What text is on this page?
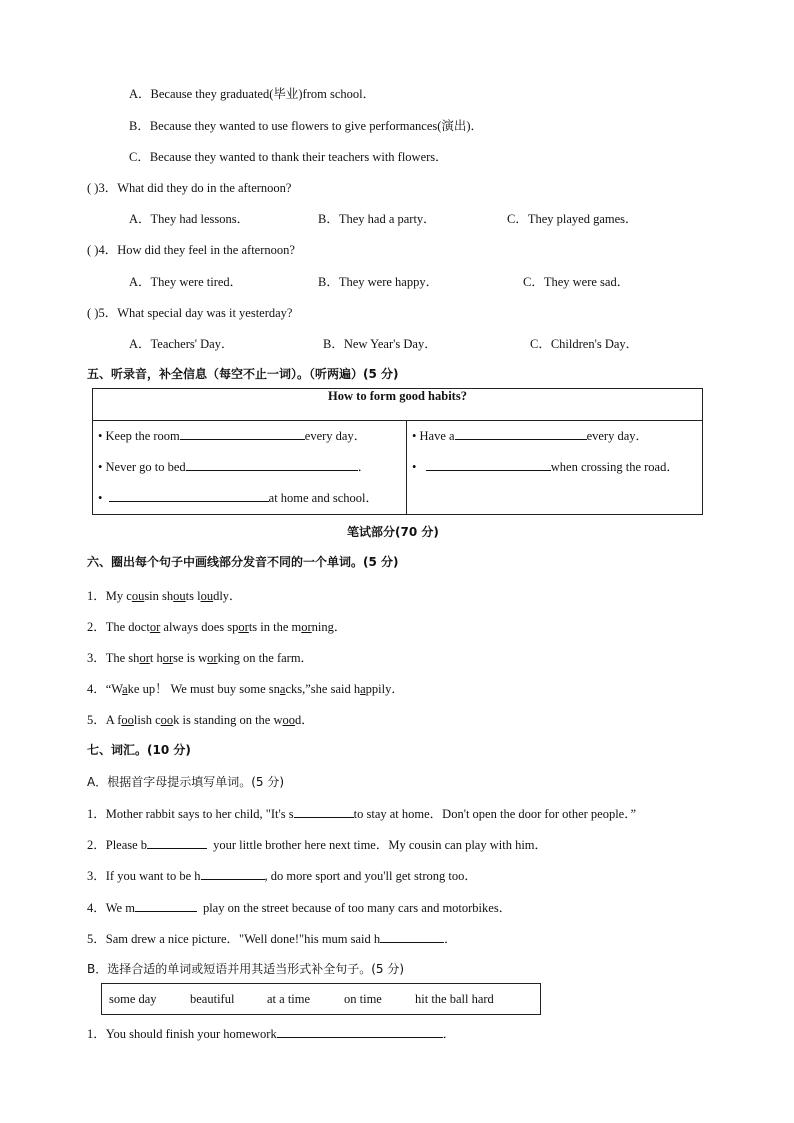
A．Because they graduated(毕业)from school．
B．Because they wanted to use flowers to give performances(演出)．
C．Because they wanted to thank their teachers with flowers．
( )3．What did they do in the afternoon?
A．They had lessons．	B．They had a party．	C．They played games．
( )4．How did they feel in the afternoon?
A．They were tired．	B．They were happy．	C．They were sad．
( )5．What special day was it yesterday?
A．Teachers' Day．	B．New Year's Day．	C．Children's Day．
五、听录音，补全信息（每空不止一词）。（听两遍）(5 分)
How to form good habits?

• Keep the room	every day．
• Never go to bed	．
•	at home and school．

• Have a	every day．
•	when crossing the road．
笔试部分(70 分)
六、圈出每个句子中画线部分发音不同的一个单词。(5 分)
1．My cousin shouts loudly．
2．The doctor always does sports in the morning．
3．The short horse is working on the farm．
4．“Wake up！ We must buy some snacks,”she said happily．
5．A foolish cook is standing on the wood．
七、词汇。(10 分)
A．根据首字母提示填写单词。(5 分)
1．Mother rabbit says to her child, "It's s	to stay at home．Don't open the door for other people．”
2．Please b	your little brother here next time．My cousin can play with him．
3．If you want to be h	, do more sport and you'll get strong too．
4．We m	play on the street because of too many cars and motorbikes．
5．Sam drew a nice picture．"Well done!"his mum said h	．
B．选择合适的单词或短语并用其适当形式补全句子。(5 分)
some day	beautiful	at a time	on time	hit the ball hard
1．You should finish your homework	．
